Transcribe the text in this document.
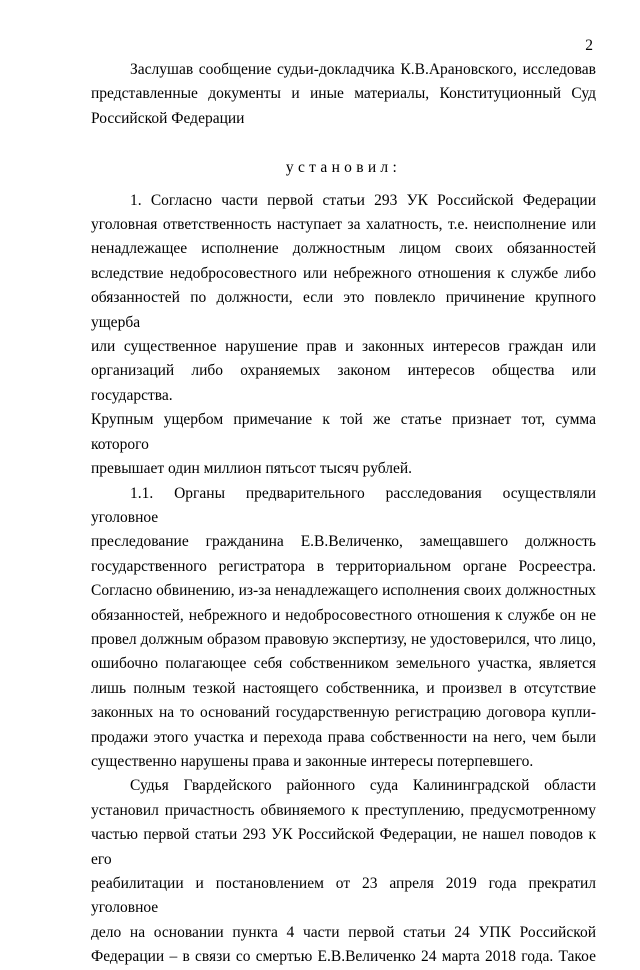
2
Заслушав сообщение судьи-докладчика К.В.Арановского, исследовав
представленные документы и иные материалы, Конституционный Суд
Российской Федерации
установил:
1. Согласно части первой статьи 293 УК Российской Федерации
уголовная ответственность наступает за халатность, т.е. неисполнение или
ненадлежащее исполнение должностным лицом своих обязанностей
вследствие недобросовестного или небрежного отношения к службе либо
обязанностей по должности, если это повлекло причинение крупного ущерба
или существенное нарушение прав и законных интересов граждан или
организаций либо охраняемых законом интересов общества или государства.
Крупным ущербом примечание к той же статье признает тот, сумма которого
превышает один миллион пятьсот тысяч рублей.
1.1. Органы предварительного расследования осуществляли уголовное
преследование гражданина Е.В.Величенко, замещавшего должность
государственного регистратора в территориальном органе Росреестра.
Согласно обвинению, из-за ненадлежащего исполнения своих должностных
обязанностей, небрежного и недобросовестного отношения к службе он не
провел должным образом правовую экспертизу, не удостоверился, что лицо,
ошибочно полагающее себя собственником земельного участка, является
лишь полным тезкой настоящего собственника, и произвел в отсутствие
законных на то оснований государственную регистрацию договора купли-
продажи этого участка и перехода права собственности на него, чем были
существенно нарушены права и законные интересы потерпевшего.
Судья Гвардейского районного суда Калининградской области
установил причастность обвиняемого к преступлению, предусмотренному
частью первой статьи 293 УК Российской Федерации, не нашел поводов к его
реабилитации и постановлением от 23 апреля 2019 года прекратил уголовное
дело на основании пункта 4 части первой статьи 24 УПК Российской
Федерации – в связи со смертью Е.В.Величенко 24 марта 2018 года. Такое
